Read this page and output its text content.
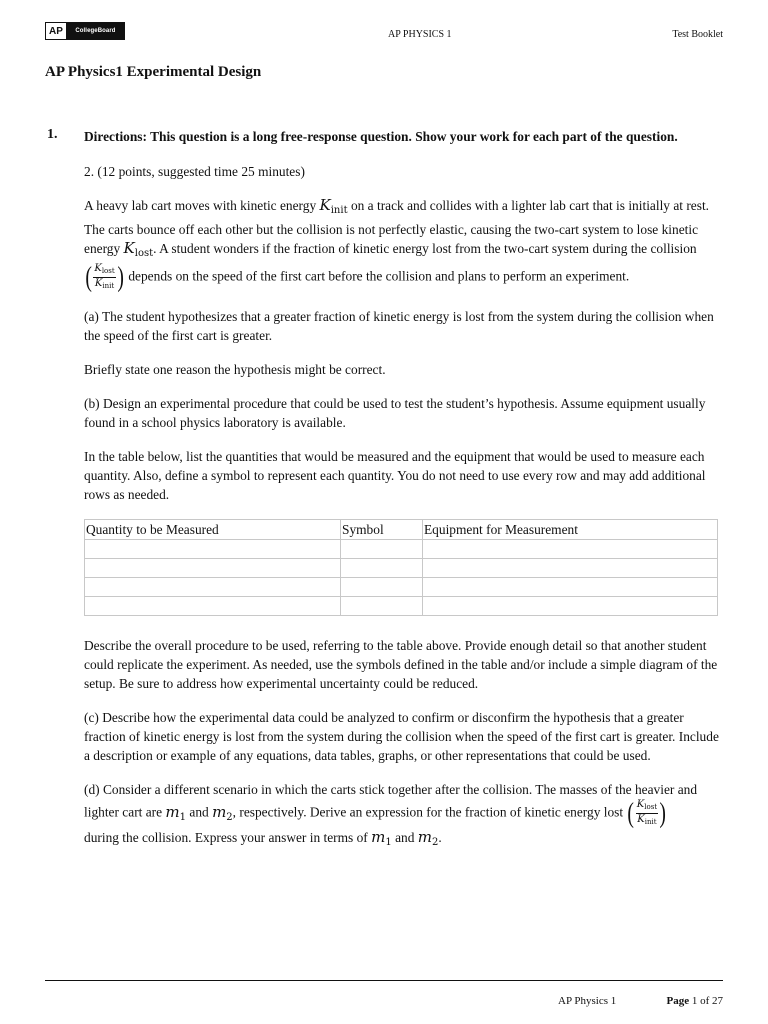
AP	CollegeBoard	AP PHYSICS 1	Test Booklet
AP Physics1 Experimental Design
1. Directions: This question is a long free-response question. Show your work for each part of the question.

2. (12 points, suggested time 25 minutes)

A heavy lab cart moves with kinetic energy $K_{init}$ on a track and collides with a lighter lab cart that is initially at rest. The carts bounce off each other but the collision is not perfectly elastic, causing the two-cart system to lose kinetic energy $K_{lost}$. A student wonders if the fraction of kinetic energy lost from the two-cart system during the collision
( $\frac{K_{lost}}{K_{init}}$ ) depends on the speed of the first cart before the collision and plans to perform an experiment.

(a) The student hypothesizes that a greater fraction of kinetic energy is lost from the system during the collision when the speed of the first cart is greater.

Briefly state one reason the hypothesis might be correct.

(b) Design an experimental procedure that could be used to test the student’s hypothesis. Assume equipment usually found in a school physics laboratory is available.

In the table below, list the quantities that would be measured and the equipment that would be used to measure each quantity. Also, define a symbol to represent each quantity. You do not need to use every row and may add additional rows as needed.

Quantity to be Measured	Symbol	Equipment for Measurement

Describe the overall procedure to be used, referring to the table above. Provide enough detail so that another student could replicate the experiment. As needed, use the symbols defined in the table and/or include a simple diagram of the setup. Be sure to address how experimental uncertainty could be reduced.

(c) Describe how the experimental data could be analyzed to confirm or disconfirm the hypothesis that a greater fraction of kinetic energy is lost from the system during the collision when the speed of the first cart is greater. Include a description or example of any equations, data tables, graphs, or other representations that could be used.

(d) Consider a different scenario in which the carts stick together after the collision. The masses of the heavier and lighter cart are $m_1$ and $m_2$, respectively. Derive an expression for the fraction of kinetic energy lost ( $\frac{K_{lost}}{K_{init}}$ )

during the collision. Express your answer in terms of $m_1$ and $m_2$.

AP Physics 1	Page 1 of 27
